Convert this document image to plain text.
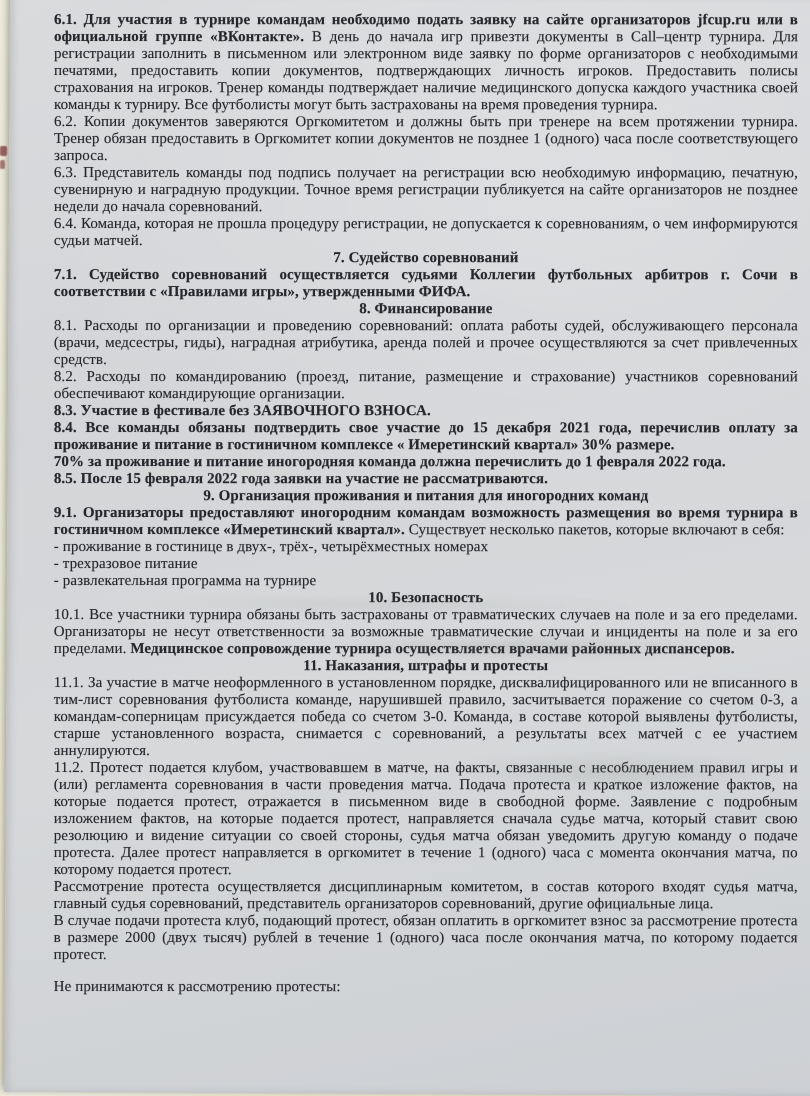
6.1. Для участия в турнире командам необходимо подать заявку на сайте организаторов jfcup.ru или в официальной группе «ВКонтакте». В день до начала игр привезти документы в Call–центр турнира. Для регистрации заполнить в письменном или электронном виде заявку по форме организаторов с необходимыми печатями, предоставить копии документов, подтверждающих личность игроков. Предоставить полисы страхования на игроков. Тренер команды подтверждает наличие медицинского допуска каждого участника своей команды к турниру. Все футболисты могут быть застрахованы на время проведения турнира.

6.2. Копии документов заверяются Оргкомитетом и должны быть при тренере на всем протяжении турнира. Тренер обязан предоставить в Оргкомитет копии документов не позднее 1 (одного) часа после соответствующего запроса.

6.3. Представитель команды под подпись получает на регистрации всю необходимую информацию, печатную, сувенирную и наградную продукции. Точное время регистрации публикуется на сайте организаторов не позднее недели до начала соревнований.

6.4. Команда, которая не прошла процедуру регистрации, не допускается к соревнованиям, о чем информируются судьи матчей.

7. Судейство соревнований

7.1. Судейство соревнований осуществляется судьями Коллегии футбольных арбитров г. Сочи в соответствии с «Правилами игры», утвержденными ФИФА.

8. Финансирование

8.1. Расходы по организации и проведению соревнований: оплата работы судей, обслуживающего персонала (врачи, медсестры, гиды), наградная атрибутика, аренда полей и прочее осуществляются за счет привлеченных средств.

8.2. Расходы по командированию (проезд, питание, размещение и страхование) участников соревнований обеспечивают командирующие организации.

8.3. Участие в фестивале без ЗАЯВОЧНОГО ВЗНОСА.

8.4. Все команды обязаны подтвердить свое участие до 15 декабря 2021 года, перечислив оплату за проживание и питание в гостиничном комплексе « Имеретинский квартал» 30% размере.

70% за проживание и питание иногородняя команда должна перечислить до 1 февраля 2022 года.

8.5. После 15 февраля 2022 года заявки на участие не рассматриваются.

9. Организация проживания и питания для иногородних команд

9.1. Организаторы предоставляют иногородним командам возможность размещения во время турнира в гостиничном комплексе «Имеретинский квартал». Существует несколько пакетов, которые включают в себя:

- проживание в гостинице в двух-, трёх-, четырёхместных номерах

- трехразовое питание

- развлекательная программа на турнире

10. Безопасность

10.1. Все участники турнира обязаны быть застрахованы от травматических случаев на поле и за его пределами. Организаторы не несут ответственности за возможные травматические случаи и инциденты на поле и за его пределами. Медицинское сопровождение турнира осуществляется врачами районных диспансеров.

11. Наказания, штрафы и протесты

11.1. За участие в матче неоформленного в установленном порядке, дисквалифицированного или не вписанного в тим-лист соревнования футболиста команде, нарушившей правило, засчитывается поражение со счетом 0-3, а командам-соперницам присуждается победа со счетом 3-0. Команда, в составе которой выявлены футболисты, старше установленного возраста, снимается с соревнований, а результаты всех матчей с ее участием аннулируются.

11.2. Протест подается клубом, участвовавшем в матче, на факты, связанные с несоблюдением правил игры и (или) регламента соревнования в части проведения матча. Подача протеста и краткое изложение фактов, на которые подается протест, отражается в письменном виде в свободной форме. Заявление с подробным изложением фактов, на которые подается протест, направляется сначала судье матча, который ставит свою резолюцию и видение ситуации со своей стороны, судья матча обязан уведомить другую команду о подаче протеста. Далее протест направляется в оргкомитет в течение 1 (одного) часа с момента окончания матча, по которому подается протест.

Рассмотрение протеста осуществляется дисциплинарным комитетом, в состав которого входят судья матча, главный судья соревнований, представитель организаторов соревнований, другие официальные лица.

В случае подачи протеста клуб, подающий протест, обязан оплатить в оргкомитет взнос за рассмотрение протеста в размере 2000 (двух тысяч) рублей в течение 1 (одного) часа после окончания матча, по которому подается протест.

Не принимаются к рассмотрению протесты:
